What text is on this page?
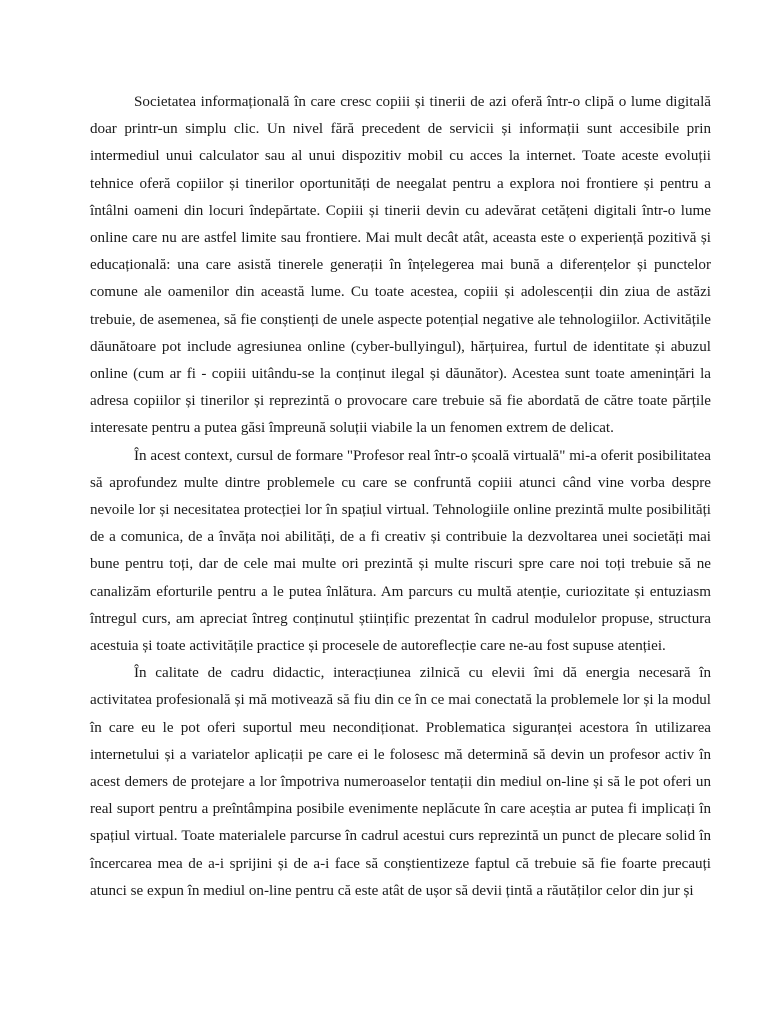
Societatea informațională în care cresc copiii și tinerii de azi oferă într-o clipă o lume digitală doar printr-un simplu clic. Un nivel fără precedent de servicii și informații sunt accesibile prin intermediul unui calculator sau al unui dispozitiv mobil cu acces la internet. Toate aceste evoluții tehnice oferă copiilor și tinerilor oportunități de neegalat pentru a explora noi frontiere și pentru a întâlni oameni din locuri îndepărtate. Copiii și tinerii devin cu adevărat cetățeni digitali într-o lume online care nu are astfel limite sau frontiere. Mai mult decât atât, aceasta este o experiență pozitivă și educațională: una care asistă tinerele generații în înțelegerea mai bună a diferențelor și punctelor comune ale oamenilor din această lume. Cu toate acestea, copiii și adolescenții din ziua de astăzi trebuie, de asemenea, să fie conștienți de unele aspecte potențial negative ale tehnologiilor. Activitățile dăunătoare pot include agresiunea online (cyber-bullyingul), hărțuirea, furtul de identitate și abuzul online (cum ar fi - copiii uitându-se la conținut ilegal și dăunător). Acestea sunt toate amenințări la adresa copiilor și tinerilor și reprezintă o provocare care trebuie să fie abordată de către toate părțile interesate pentru a putea găsi împreună soluții viabile la un fenomen extrem de delicat.

În acest context, cursul de formare "Profesor real într-o școală virtuală" mi-a oferit posibilitatea să aprofundez multe dintre problemele cu care se confruntă copiii atunci când vine vorba despre nevoile lor și necesitatea protecției lor în spațiul virtual. Tehnologiile online prezintă multe posibilități de a comunica, de a învăța noi abilități, de a fi creativ și contribuie la dezvoltarea unei societăți mai bune pentru toți, dar de cele mai multe ori prezintă și multe riscuri spre care noi toți trebuie să ne canalizăm eforturile pentru a le putea înlătura. Am parcurs cu multă atenție, curiozitate și entuziasm întregul curs, am apreciat întreg conținutul științific prezentat în cadrul modulelor propuse, structura acestuia și toate activitățile practice și procesele de autoreflecție care ne-au fost supuse atenției.

În calitate de cadru didactic, interacțiunea zilnică cu elevii îmi dă energia necesară în activitatea profesională și mă motivează să fiu din ce în ce mai conectată la problemele lor și la modul în care eu le pot oferi suportul meu necondiționat. Problematica siguranței acestora în utilizarea internetului și a variatelor aplicații pe care ei le folosesc mă determină să devin un profesor activ în acest demers de protejare a lor împotriva numeroaselor tentații din mediul on-line și să le pot oferi un real suport pentru a preîntâmpina posibile evenimente neplăcute în care aceștia ar putea fi implicați în spațiul virtual. Toate materialele parcurse în cadrul acestui curs reprezintă un punct de plecare solid în încercarea mea de a-i sprijini și de a-i face să conștientizeze faptul că trebuie să fie foarte precauți atunci se expun în mediul on-line pentru că este atât de ușor să devii țintă a răutăților celor din jur și
